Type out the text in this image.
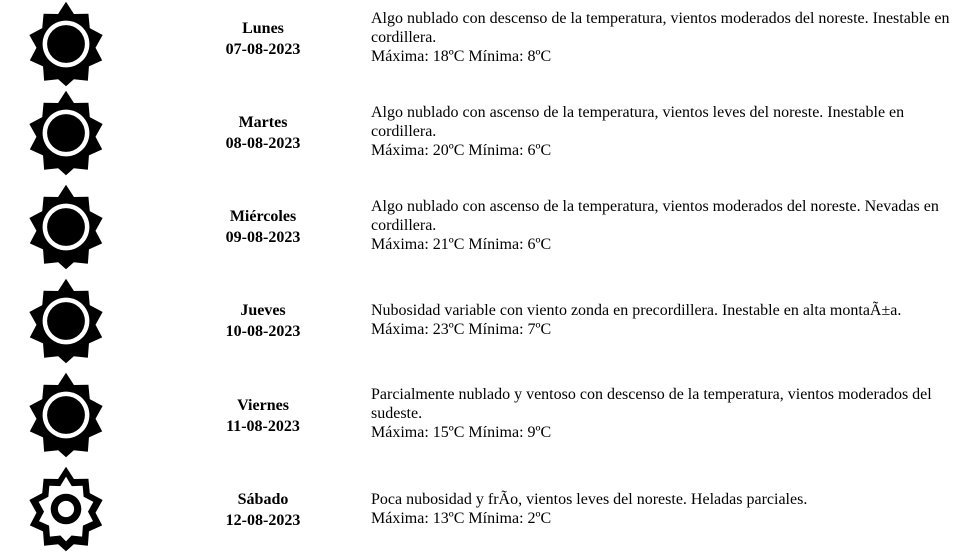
Lunes
07-08-2023
Algo nublado con descenso de la temperatura, vientos moderados del noreste. Inestable en cordillera.
Máxima: 18ºC Mínima: 8ºC
Martes
08-08-2023
Algo nublado con ascenso de la temperatura, vientos leves del noreste. Inestable en cordillera.
Máxima: 20ºC Mínima: 6ºC
Miércoles
09-08-2023
Algo nublado con ascenso de la temperatura, vientos moderados del noreste. Nevadas en cordillera.
Máxima: 21ºC Mínima: 6ºC
Jueves
10-08-2023
Nubosidad variable con viento zonda en precordillera. Inestable en alta montaÃ±a.
Máxima: 23ºC Mínima: 7ºC
Viernes
11-08-2023
Parcialmente nublado y ventoso con descenso de la temperatura, vientos moderados del sudeste.
Máxima: 15ºC Mínima: 9ºC
Sábado
12-08-2023
Poca nubosidad y frÃo, vientos leves del noreste. Heladas parciales.
Máxima: 13ºC Mínima: 2ºC
